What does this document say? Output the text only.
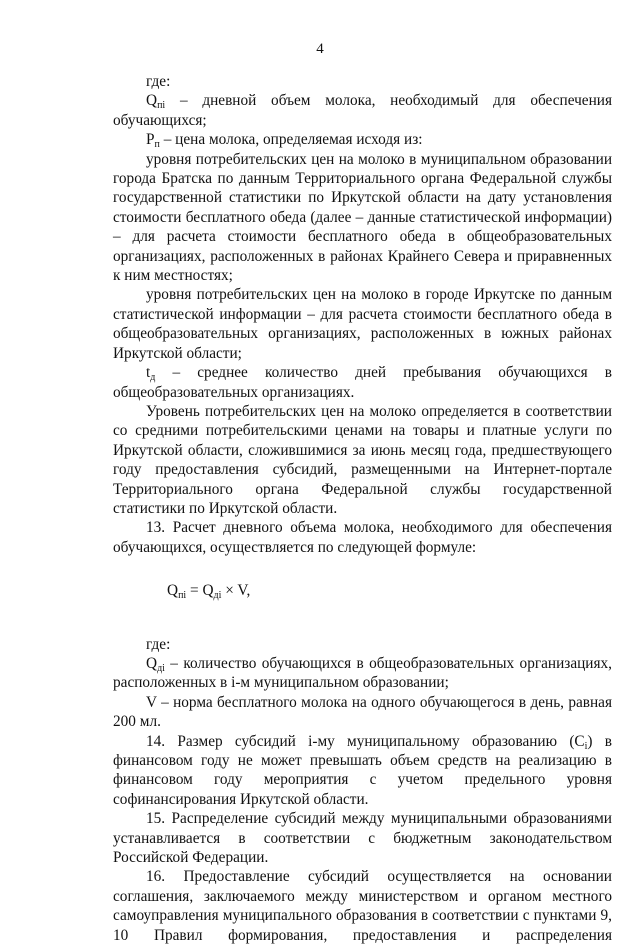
4

где:

$Q_{пi}$ – дневной объем молока, необходимый для обеспечения обучающихся;

$P_п$ – цена молока, определяемая исходя из:

уровня потребительских цен на молоко в муниципальном образовании города Братска по данным Территориального органа Федеральной службы государственной статистики по Иркутской области на дату установления стоимости бесплатного обеда (далее – данные статистической информации) – для расчета стоимости бесплатного обеда в общеобразовательных организациях, расположенных в районах Крайнего Севера и приравненных к ним местностях;

уровня потребительских цен на молоко в городе Иркутске по данным статистической информации – для расчета стоимости бесплатного обеда в общеобразовательных организациях, расположенных в южных районах Иркутской области;

$t_д$ – среднее количество дней пребывания обучающихся в общеобразовательных организациях.

Уровень потребительских цен на молоко определяется в соответствии со средними потребительскими ценами на товары и платные услуги по Иркутской области, сложившимися за июнь месяц года, предшествующего году предоставления субсидий, размещенными на Интернет-портале Территориального органа Федеральной службы государственной статистики по Иркутской области.

13. Расчет дневного объема молока, необходимого для обеспечения обучающихся, осуществляется по следующей формуле:

$Q_{пi} = Q_{дi} \times V$,

где:

$Q_{дi}$ – количество обучающихся в общеобразовательных организациях, расположенных в i-м муниципальном образовании;

V – норма бесплатного молока на одного обучающегося в день, равная 200 мл.

14. Размер субсидий i-му муниципальному образованию $(C_i)$ в финансовом году не может превышать объем средств на реализацию в финансовом году мероприятия с учетом предельного уровня софинансирования Иркутской области.

15. Распределение субсидий между муниципальными образованиями устанавливается в соответствии с бюджетным законодательством Российской Федерации.

16. Предоставление субсидий осуществляется на основании соглашения, заключаемого между министерством и органом местного самоуправления муниципального образования в соответствии с пунктами 9, 10 Правил формирования, предоставления и распределения
